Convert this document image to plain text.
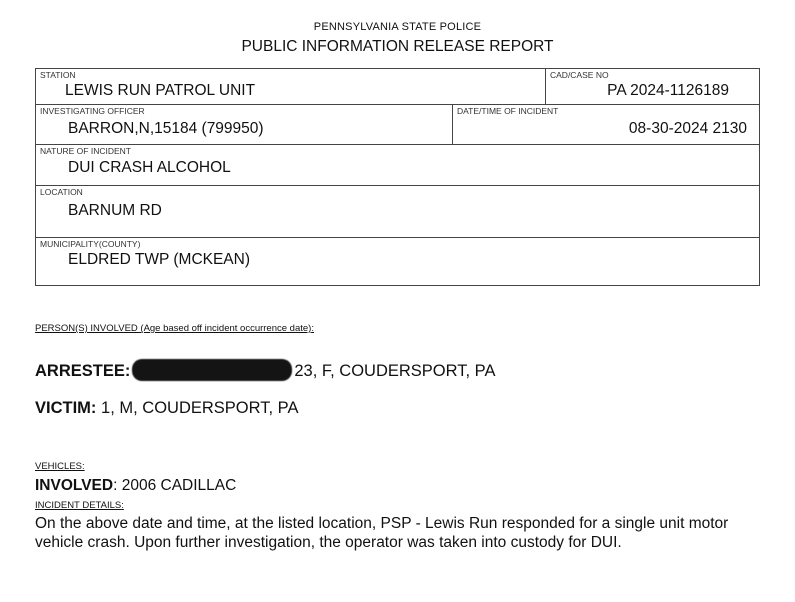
PENNSYLVANIA STATE POLICE
PUBLIC INFORMATION RELEASE REPORT
STATION
LEWIS RUN PATROL UNIT
CAD/CASE NO
PA 2024-1126189
INVESTIGATING OFFICER
BARRON,N,15184 (799950)
DATE/TIME OF INCIDENT
08-30-2024 2130
NATURE OF INCIDENT
DUI CRASH ALCOHOL
LOCATION
BARNUM RD
MUNICIPALITY(COUNTY)
ELDRED TWP (MCKEAN)
PERSON(S) INVOLVED (Age based off incident occurrence date):
ARRESTEE:	23, F, COUDERSPORT, PA
VICTIM: 1, M, COUDERSPORT, PA
VEHICLES:
INVOLVED: 2006 CADILLAC
INCIDENT DETAILS:
On the above date and time, at the listed location, PSP - Lewis Run responded for a single unit motor vehicle crash. Upon further investigation, the operator was taken into custody for DUI.
